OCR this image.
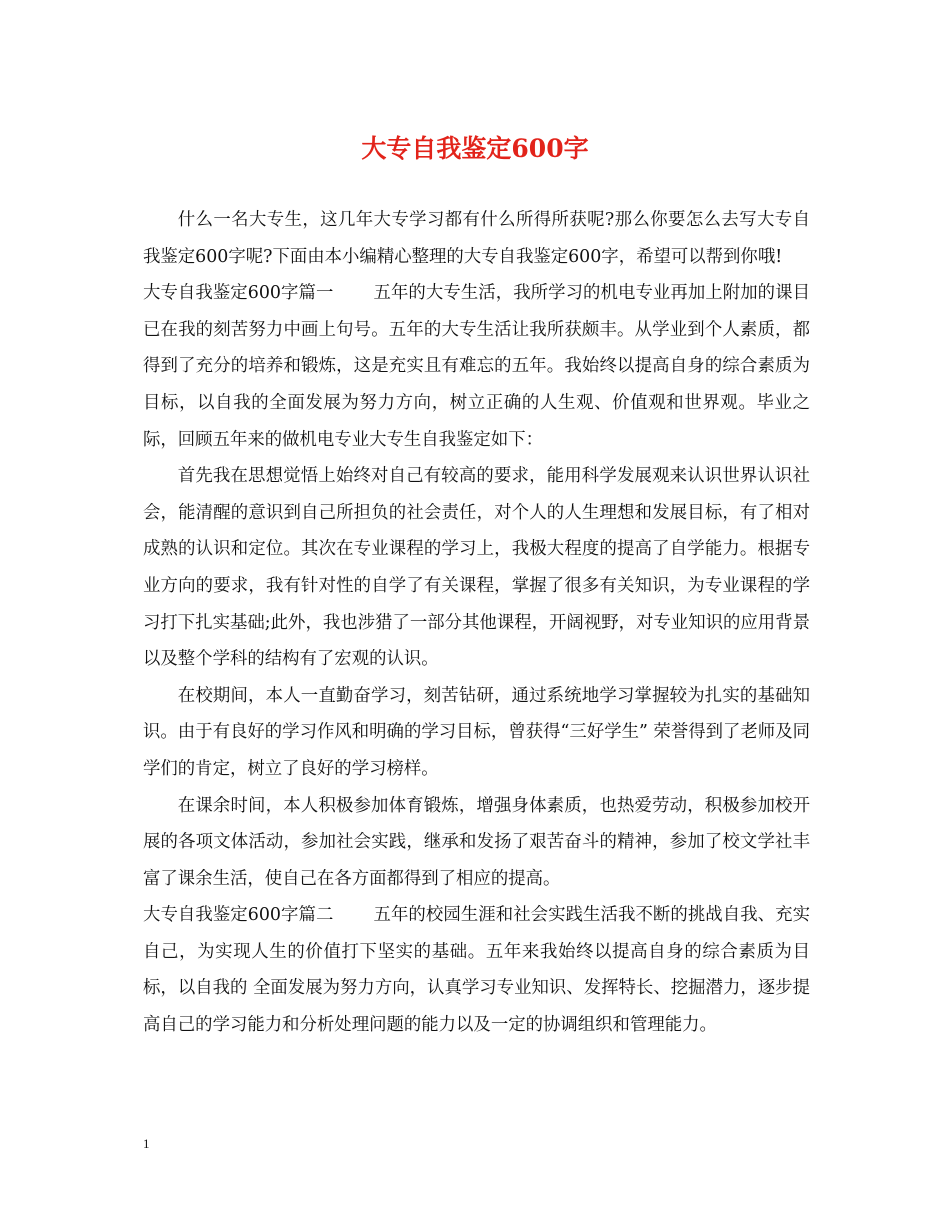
大专自我鉴定600字

什么一名大专生，这几年大专学习都有什么所得所获呢?那么你要怎么去写大专自我鉴定600字呢?下面由本小编精心整理的大专自我鉴定600字，希望可以帮到你哦!

大专自我鉴定600字篇一 五年的大专生活，我所学习的机电专业再加上附加的课目已在我的刻苦努力中画上句号。五年的大专生活让我所获颇丰。从学业到个人素质，都得到了充分的培养和锻炼，这是充实且有难忘的五年。我始终以提高自身的综合素质为目标，以自我的全面发展为努力方向，树立正确的人生观、价值观和世界观。毕业之际，回顾五年来的做机电专业大专生自我鉴定如下：

首先我在思想觉悟上始终对自己有较高的要求，能用科学发展观来认识世界认识社会，能清醒的意识到自己所担负的社会责任，对个人的人生理想和发展目标，有了相对成熟的认识和定位。其次在专业课程的学习上，我极大程度的提高了自学能力。根据专业方向的要求，我有针对性的自学了有关课程，掌握了很多有关知识，为专业课程的学习打下扎实基础;此外，我也涉猎了一部分其他课程，开阔视野，对专业知识的应用背景以及整个学科的结构有了宏观的认识。

在校期间，本人一直勤奋学习，刻苦钻研，通过系统地学习掌握较为扎实的基础知识。由于有良好的学习作风和明确的学习目标，曾获得“三好学生” 荣誉得到了老师及同学们的肯定，树立了良好的学习榜样。

在课余时间，本人积极参加体育锻炼，增强身体素质，也热爱劳动，积极参加校开展的各项文体活动，参加社会实践，继承和发扬了艰苦奋斗的精神，参加了校文学社丰富了课余生活，使自己在各方面都得到了相应的提高。

大专自我鉴定600字篇二 五年的校园生涯和社会实践生活我不断的挑战自我、充实自己，为实现人生的价值打下坚实的基础。五年来我始终以提高自身的综合素质为目标，以自我的 全面发展为努力方向，认真学习专业知识、发挥特长、挖掘潜力，逐步提高自己的学习能力和分析处理问题的能力以及一定的协调组织和管理能力。

1
